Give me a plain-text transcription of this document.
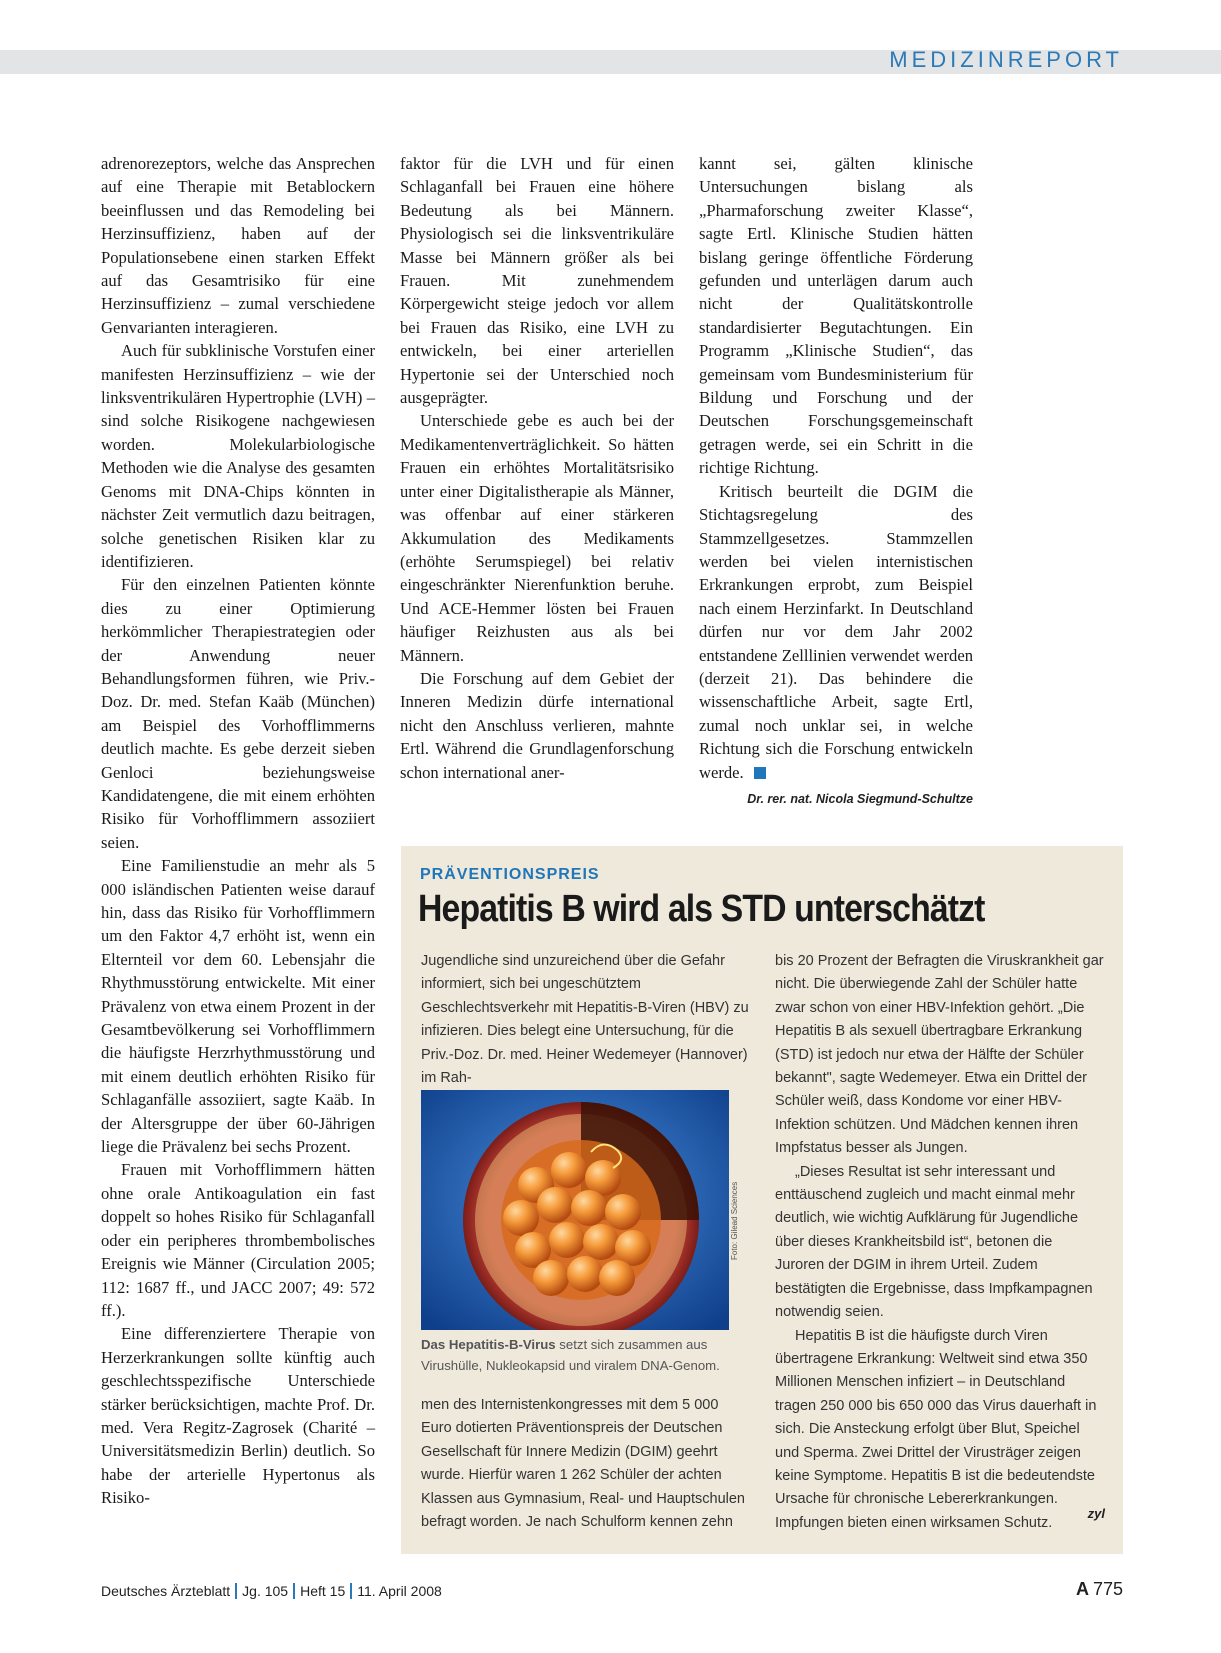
MEDIZINREPORT

adrenorezeptors, welche das Ansprechen auf eine Therapie mit Betablockern beeinflussen und das Remodeling bei Herzinsuffizienz, haben auf der Populationsebene einen starken Effekt auf das Gesamtrisiko für eine Herzinsuffizienz – zumal verschiedene Genvarianten interagieren.

Auch für subklinische Vorstufen einer manifesten Herzinsuffizienz – wie der linksventrikulären Hypertrophie (LVH) – sind solche Risikogene nachgewiesen worden. Molekularbiologische Methoden wie die Analyse des gesamten Genoms mit DNA-Chips könnten in nächster Zeit vermutlich dazu beitragen, solche genetischen Risiken klar zu identifizieren.

Für den einzelnen Patienten könnte dies zu einer Optimierung herkömmlicher Therapiestrategien oder der Anwendung neuer Behandlungsformen führen, wie Priv.-Doz. Dr. med. Stefan Kaäb (München) am Beispiel des Vorhofflimmerns deutlich machte. Es gebe derzeit sieben Genloci beziehungsweise Kandidatengene, die mit einem erhöhten Risiko für Vorhofflimmern assoziiert seien.

Eine Familienstudie an mehr als 5 000 isländischen Patienten weise darauf hin, dass das Risiko für Vorhofflimmern um den Faktor 4,7 erhöht ist, wenn ein Elternteil vor dem 60. Lebensjahr die Rhythmusstörung entwickelte. Mit einer Prävalenz von etwa einem Prozent in der Gesamtbevölkerung sei Vorhofflimmern die häufigste Herzrhythmusstörung und mit einem deutlich erhöhten Risiko für Schlaganfälle assoziiert, sagte Kaäb. In der Altersgruppe der über 60-Jährigen liege die Prävalenz bei sechs Prozent.

Frauen mit Vorhofflimmern hätten ohne orale Antikoagulation ein fast doppelt so hohes Risiko für Schlaganfall oder ein peripheres thrombembolisches Ereignis wie Männer (Circulation 2005; 112: 1687 ff., und JACC 2007; 49: 572 ff.).

Eine differenziertere Therapie von Herzerkrankungen sollte künftig auch geschlechtsspezifische Unterschiede stärker berücksichtigen, machte Prof. Dr. med. Vera Regitz-Zagrosek (Charité – Universitätsmedizin Berlin) deutlich. So habe der arterielle Hypertonus als Risiko-

faktor für die LVH und für einen Schlaganfall bei Frauen eine höhere Bedeutung als bei Männern. Physiologisch sei die linksventrikuläre Masse bei Männern größer als bei Frauen. Mit zunehmendem Körpergewicht steige jedoch vor allem bei Frauen das Risiko, eine LVH zu entwickeln, bei einer arteriellen Hypertonie sei der Unterschied noch ausgeprägter.

Unterschiede gebe es auch bei der Medikamentenverträglichkeit. So hätten Frauen ein erhöhtes Mortalitätsrisiko unter einer Digitalistherapie als Männer, was offenbar auf einer stärkeren Akkumulation des Medikaments (erhöhte Serumspiegel) bei relativ eingeschränkter Nierenfunktion beruhe. Und ACE-Hemmer lösten bei Frauen häufiger Reizhusten aus als bei Männern.

Die Forschung auf dem Gebiet der Inneren Medizin dürfe international nicht den Anschluss verlieren, mahnte Ertl. Während die Grundlagenforschung schon international aner-

kannt sei, gälten klinische Untersuchungen bislang als „Pharmaforschung zweiter Klasse“, sagte Ertl. Klinische Studien hätten bislang geringe öffentliche Förderung gefunden und unterlägen darum auch nicht der Qualitätskontrolle standardisierter Begutachtungen. Ein Programm „Klinische Studien“, das gemeinsam vom Bundesministerium für Bildung und Forschung und der Deutschen Forschungsgemeinschaft getragen werde, sei ein Schritt in die richtige Richtung.

Kritisch beurteilt die DGIM die Stichtagsregelung des Stammzellgesetzes. Stammzellen werden bei vielen internistischen Erkrankungen erprobt, zum Beispiel nach einem Herzinfarkt. In Deutschland dürfen nur vor dem Jahr 2002 entstandene Zelllinien verwendet werden (derzeit 21). Das behindere die wissenschaftliche Arbeit, sagte Ertl, zumal noch unklar sei, in welche Richtung sich die Forschung entwickeln werde.

Dr. rer. nat. Nicola Siegmund-Schultze
PRÄVENTIONSPREIS
Hepatitis B wird als STD unterschätzt

Jugendliche sind unzureichend über die Gefahr informiert, sich bei ungeschütztem Geschlechtsverkehr mit Hepatitis-B-Viren (HBV) zu infizieren. Dies belegt eine Untersuchung, für die Priv.-Doz. Dr. med. Heiner Wedemeyer (Hannover) im Rah-

Foto: Gilead Sciences
Das Hepatitis-B-Virus setzt sich zusammen aus Virushülle, Nukleokapsid und viralem DNA-Genom.

men des Internistenkongresses mit dem 5 000 Euro dotierten Präventionspreis der Deutschen Gesellschaft für Innere Medizin (DGIM) geehrt wurde. Hierfür waren 1 262 Schüler der achten Klassen aus Gymnasium, Real- und Hauptschulen befragt worden. Je nach Schulform kennen zehn

bis 20 Prozent der Befragten die Viruskrankheit gar nicht. Die überwiegende Zahl der Schüler hatte zwar schon von einer HBV-Infektion gehört. „Die Hepatitis B als sexuell übertragbare Erkrankung (STD) ist jedoch nur etwa der Hälfte der Schüler bekannt", sagte Wedemeyer. Etwa ein Drittel der Schüler weiß, dass Kondome vor einer HBV-Infektion schützen. Und Mädchen kennen ihren Impfstatus besser als Jungen.

„Dieses Resultat ist sehr interessant und enttäuschend zugleich und macht einmal mehr deutlich, wie wichtig Aufklärung für Jugendliche über dieses Krankheitsbild ist“, betonen die Juroren der DGIM in ihrem Urteil. Zudem bestätigten die Ergebnisse, dass Impfkampagnen notwendig seien.

Hepatitis B ist die häufigste durch Viren übertragene Erkrankung: Weltweit sind etwa 350 Millionen Menschen infiziert – in Deutschland tragen 250 000 bis 650 000 das Virus dauerhaft in sich. Die Ansteckung erfolgt über Blut, Speichel und Sperma. Zwei Drittel der Virusträger zeigen keine Symptome. Hepatitis B ist die bedeutendste Ursache für chronische Lebererkrankungen. Impfungen bieten einen wirksamen Schutz.

zyl
Deutsches Ärzteblatt Jg. 105 Heft 15 11. April 2008	A 775
